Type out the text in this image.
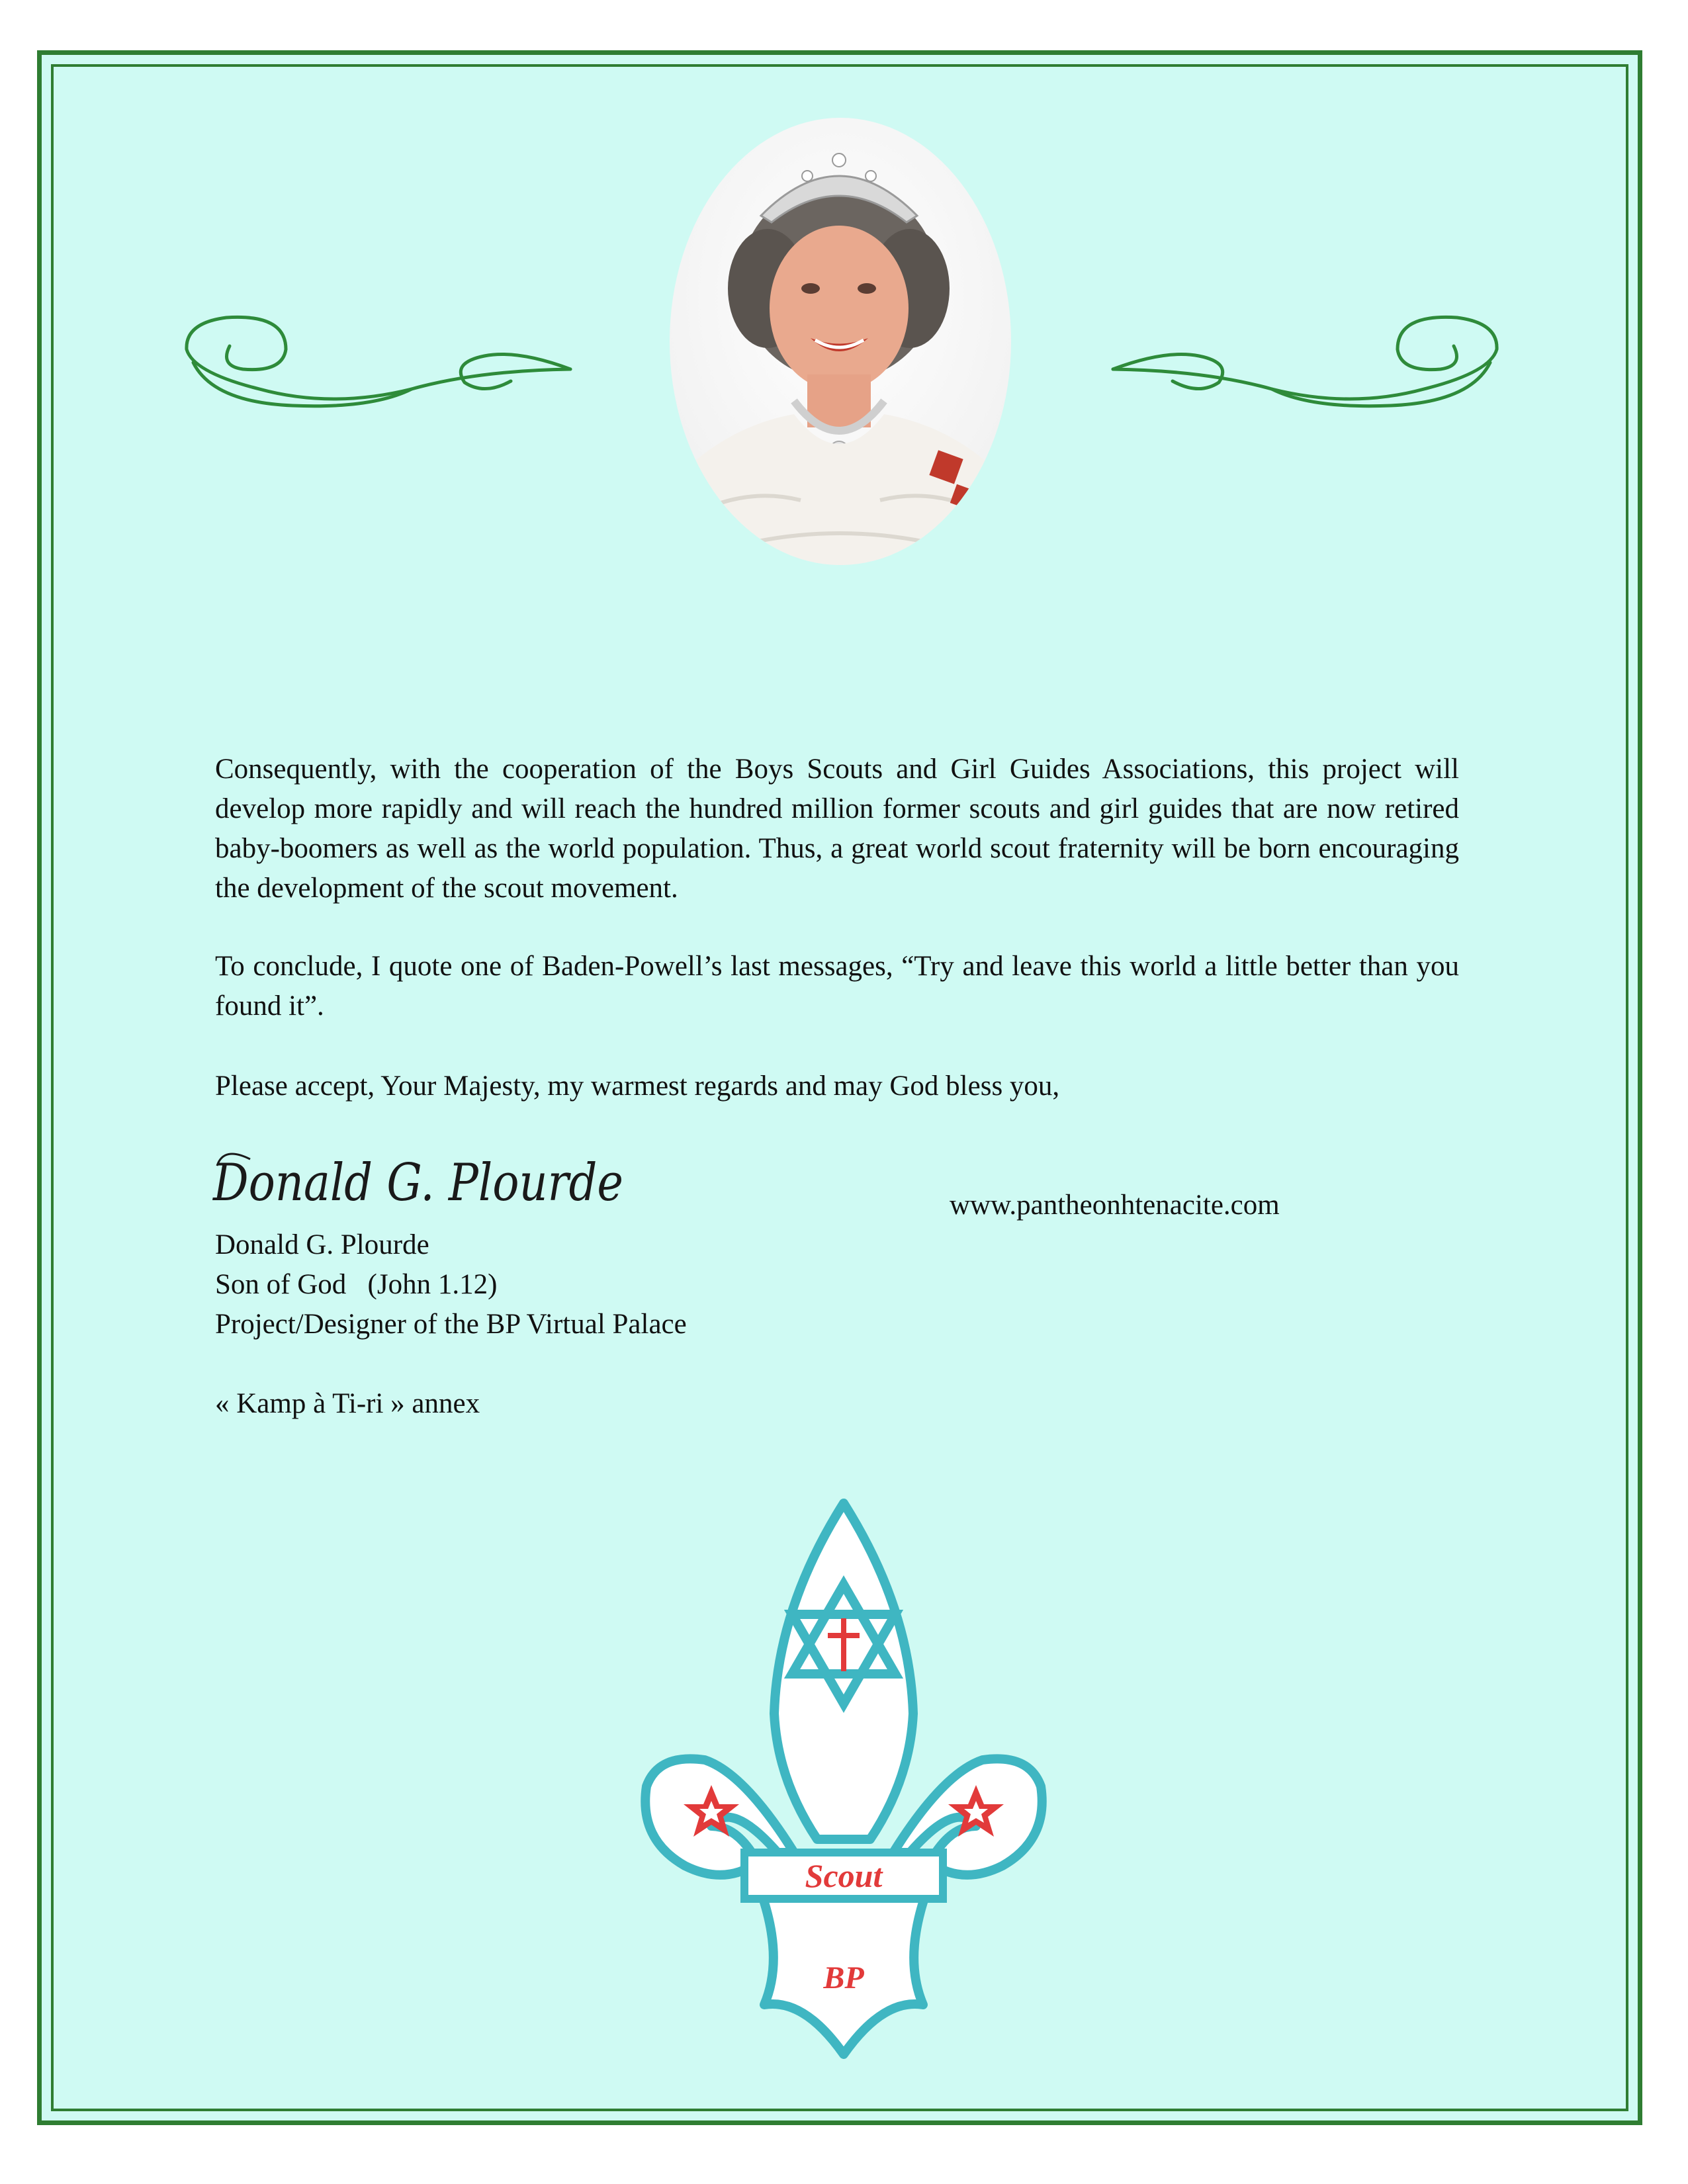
Consequently, with the cooperation of the Boys Scouts and Girl Guides Associations, this project will develop more rapidly and will reach the hundred million former scouts and girl guides that are now retired baby-boomers as well as the world population. Thus, a great world scout fraternity will be born encouraging the development of the scout movement.
To conclude, I quote one of Baden-Powell’s last messages, “Try and leave this world a little better than you found it”.
Please accept, Your Majesty, my warmest regards and may God bless you,
Donald G. Plourde	www.pantheonhtenacite.com
Donald G. Plourde
Son of God   (John 1.12)
Project/Designer of the BP Virtual Palace
« Kamp à Ti-ri » annex
Scout
BP
